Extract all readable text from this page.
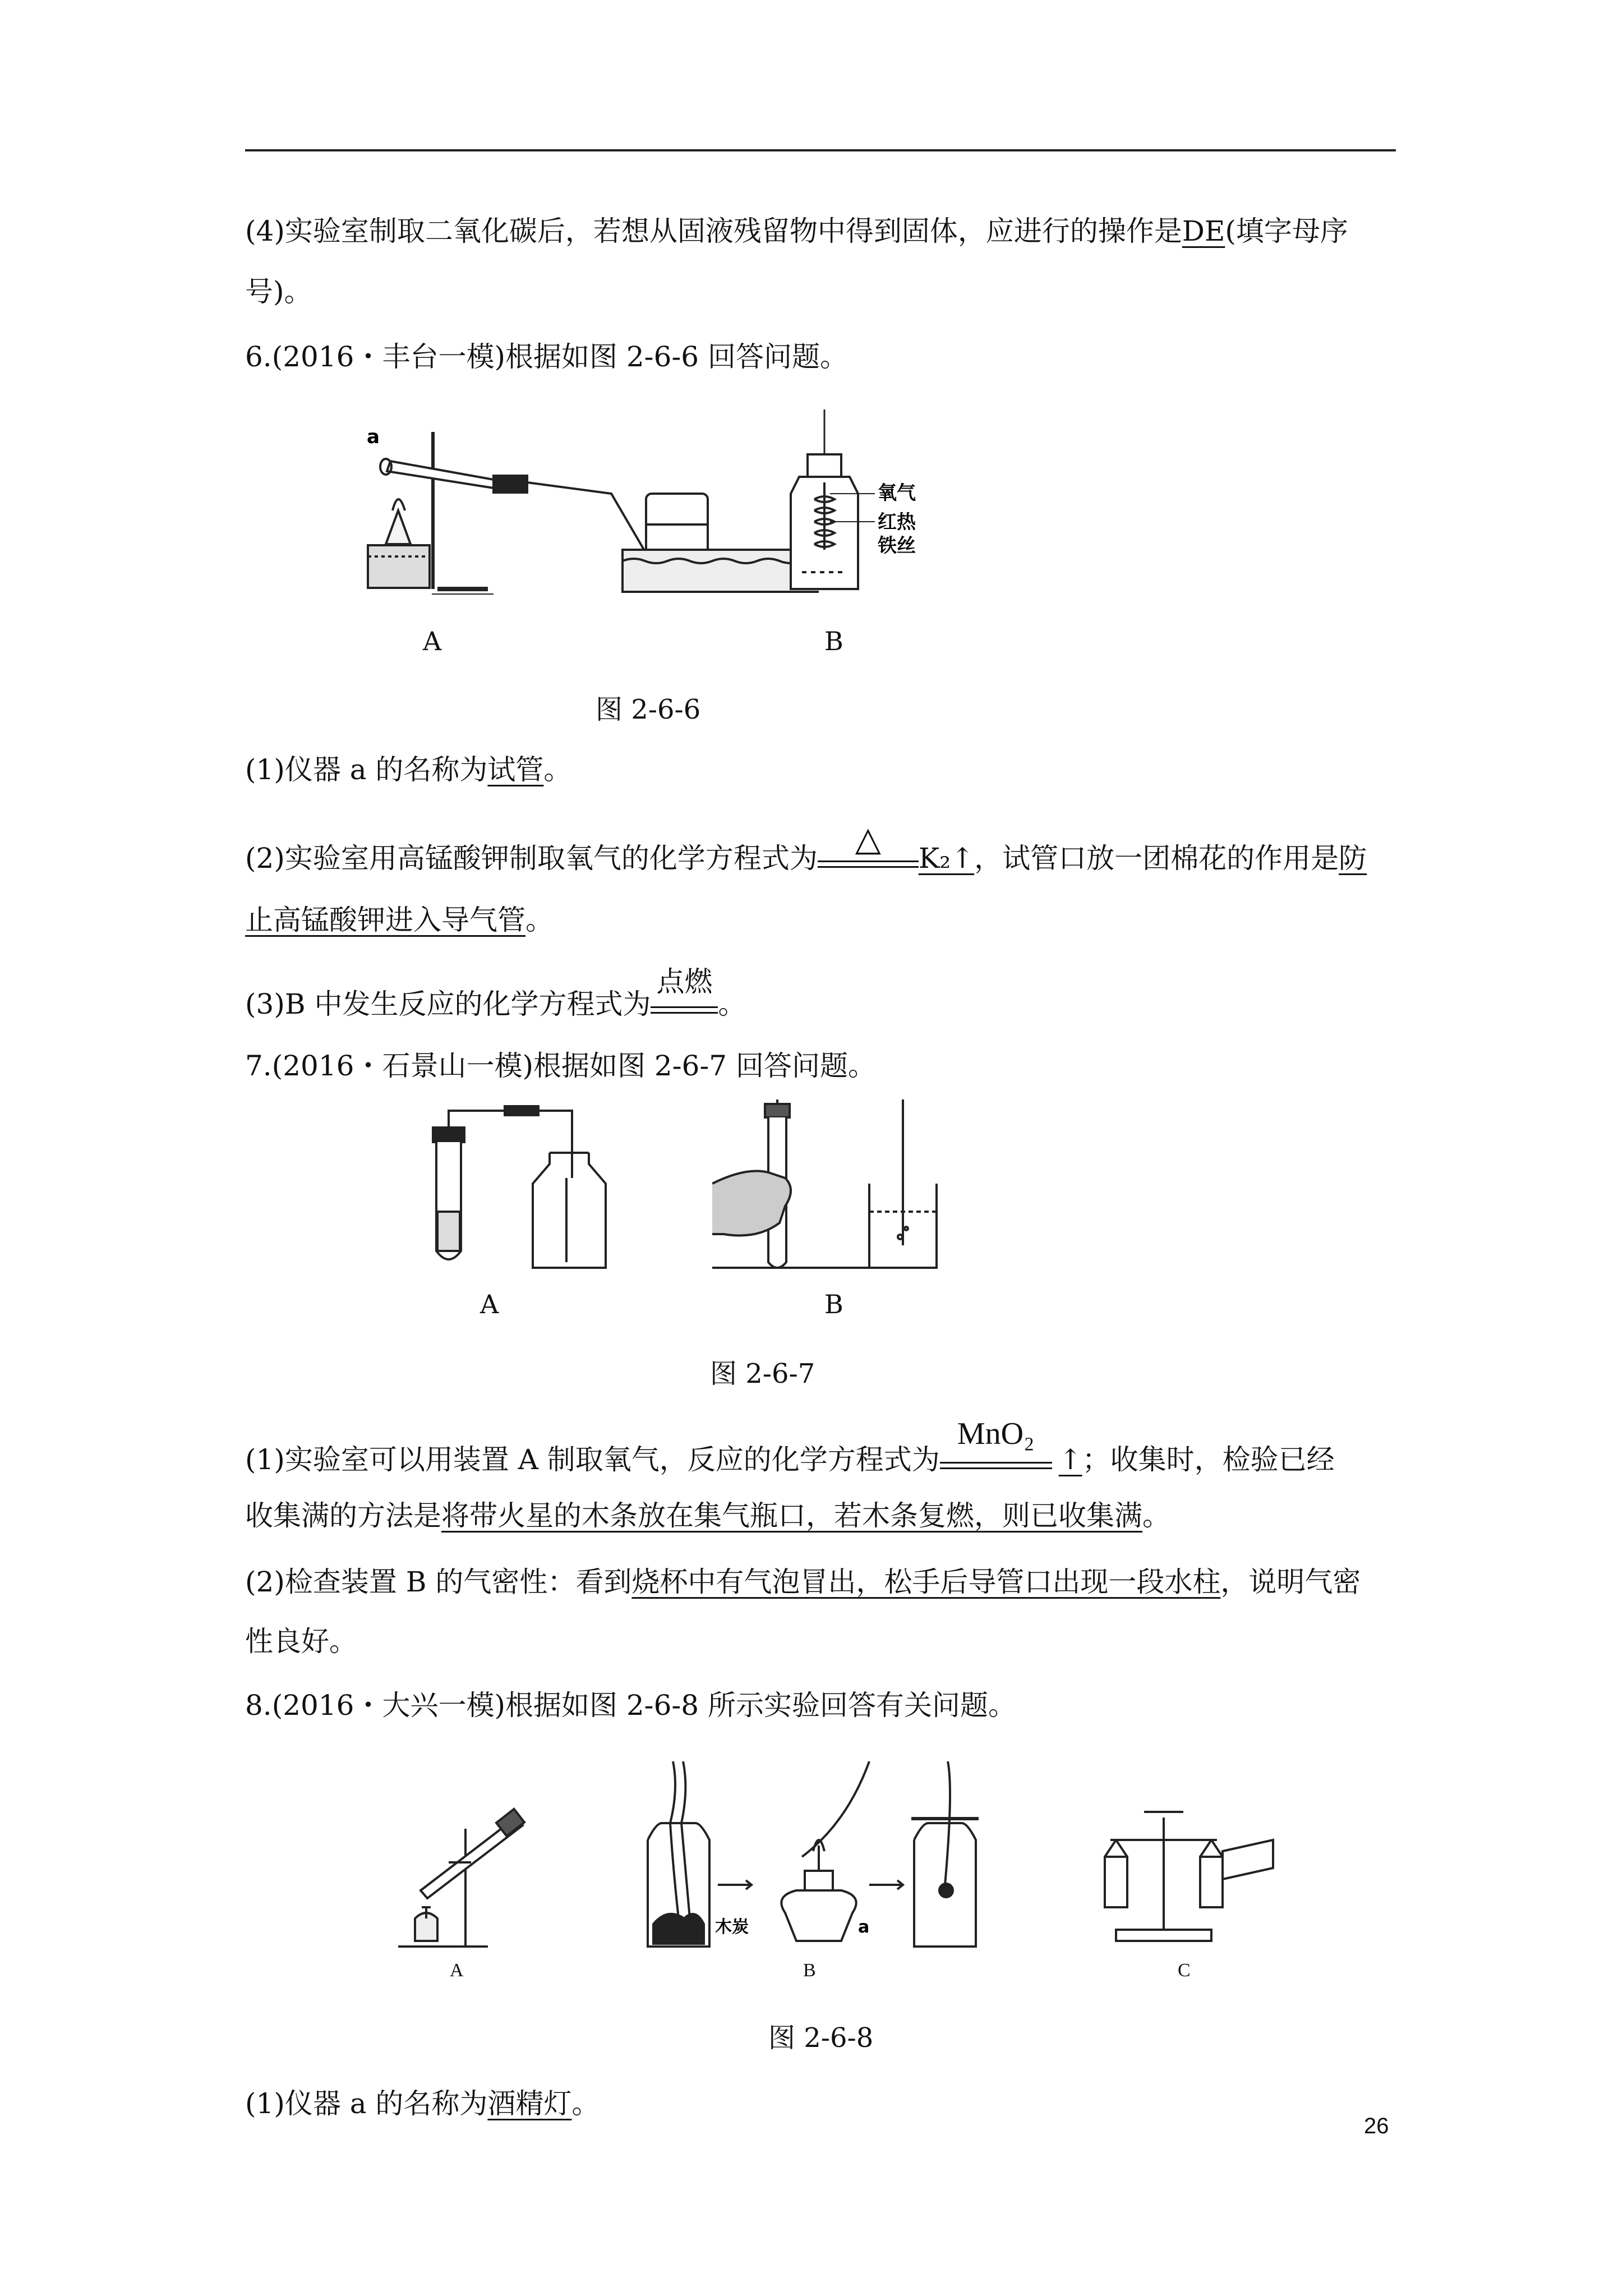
(4)实验室制取二氧化碳后，若想从固液残留物中得到固体，应进行的操作是DE(填字母序
号)。
6.(2016・丰台一模)根据如图 2-6-6 回答问题。
a
氧气
红热
铁丝
A	B
图 2-6-6
(1)仪器 a 的名称为试管。
(2)实验室用高锰酸钾制取氧气的化学方程式为	△	K₂↑，试管口放一团棉花的作用是防
止高锰酸钾进入导气管。
(3)B 中发生反应的化学方程式为
点燃
。
7.(2016・石景山一模)根据如图 2-6-7 回答问题。
A	B
图 2-6-7
(1)实验室可以用装置 A 制取氧气，反应的化学方程式为
MnO₂
↑；收集时，检验已经
收集满的方法是将带火星的木条放在集气瓶口，若木条复燃，则已收集满。
(2)检查装置 B 的气密性：看到烧杯中有气泡冒出，松手后导管口出现一段水柱，说明气密
性良好。
8.(2016・大兴一模)根据如图 2-6-8 所示实验回答有关问题。
木炭	a
A	B	C
图 2-6-8
(1)仪器 a 的名称为酒精灯。
26
